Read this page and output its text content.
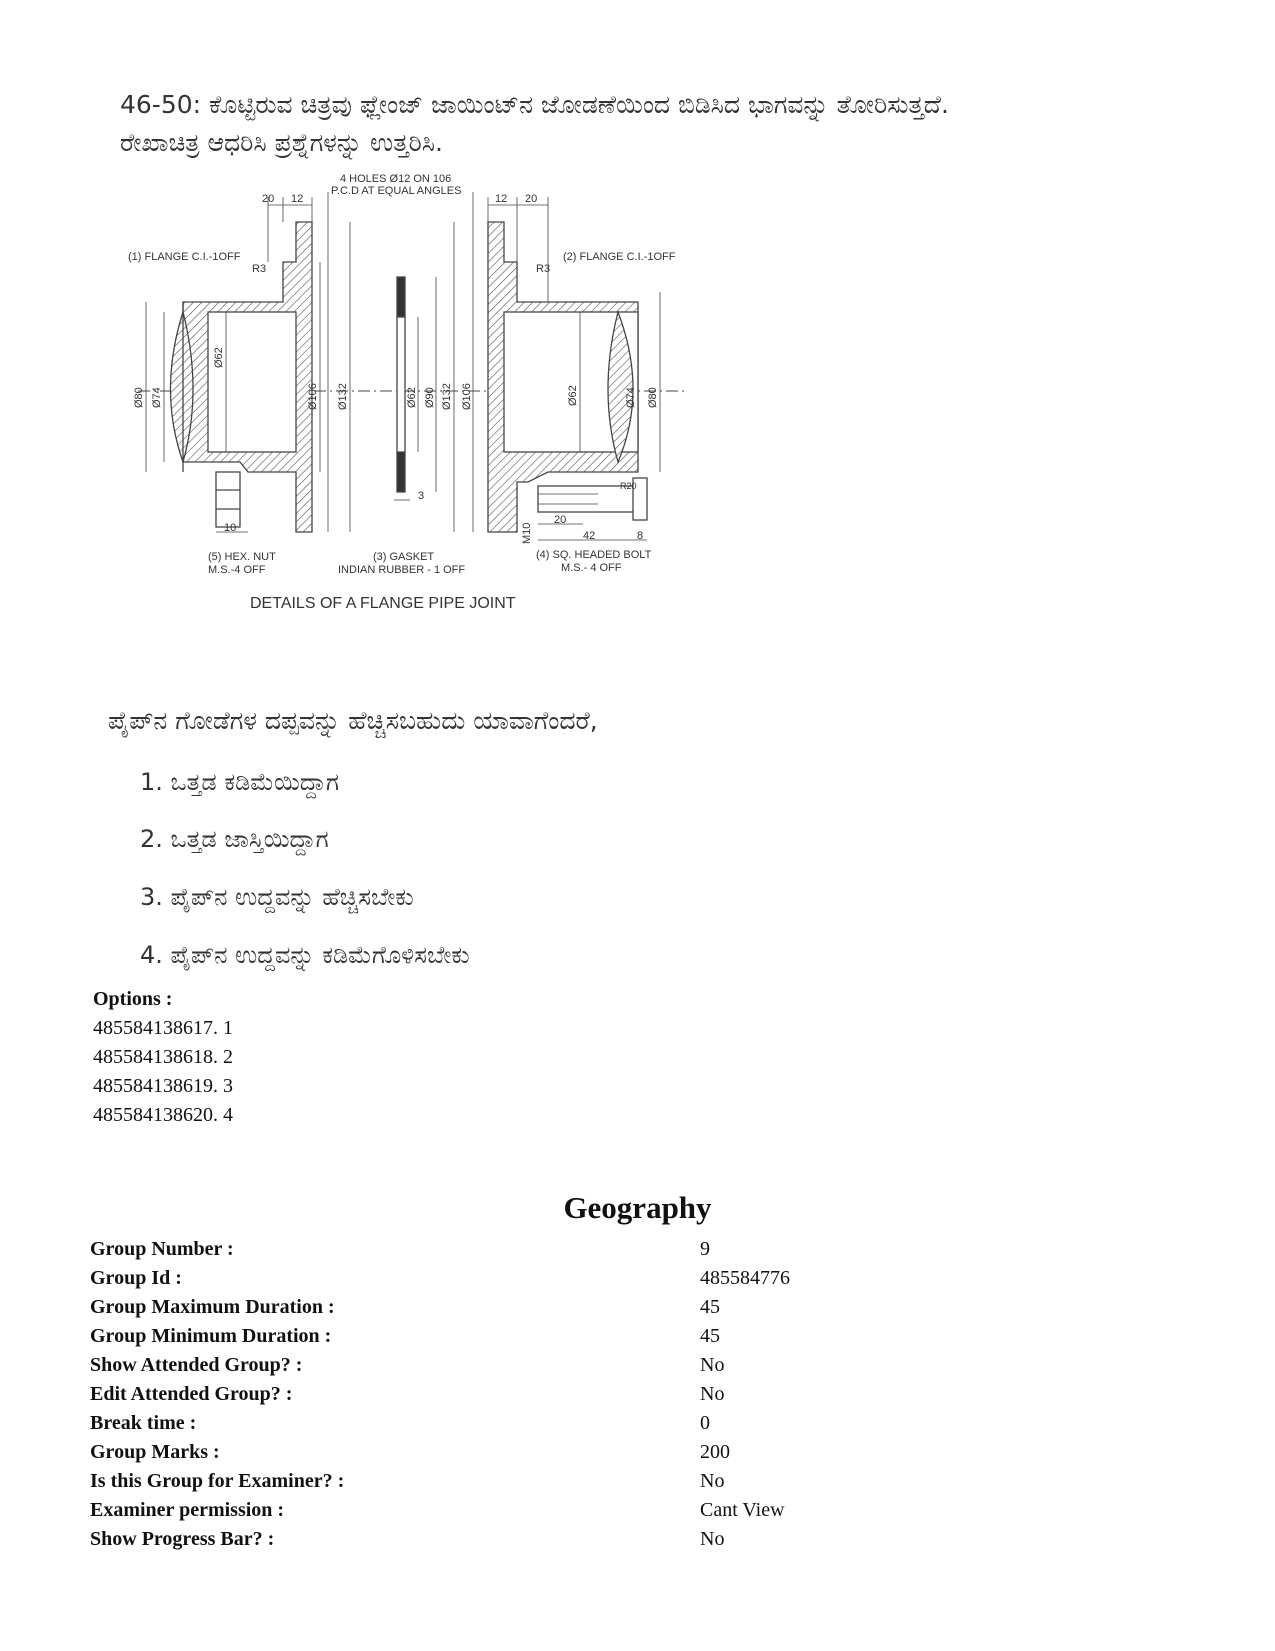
46-50: ಕೊಟ್ಟಿರುವ ಚಿತ್ರವು ಫ್ಲೇಂಜ್ ಜಾಯಿಂಟ್‌ನ ಜೋಡಣೆಯಿಂದ ಬಿಡಿಸಿದ ಭಾಗವನ್ನು ತೋರಿಸುತ್ತದೆ.
ರೇಖಾಚಿತ್ರ ಆಧರಿಸಿ ಪ್ರಶ್ನೆಗಳನ್ನು ಉತ್ತರಿಸಿ.
4 HOLES Ø12 ON 106
P.C.D AT EQUAL ANGLES
20 12	12 20
(1) FLANGE C.I.-1OFF	(2) FLANGE C.I.-1OFF
R3	R3
Ø80 Ø74
Ø62
Ø106 Ø132	Ø62 Ø90 Ø132 Ø106	Ø62	Ø74 Ø80
3
10	M10
20
42	8
R20
(5) HEX. NUT
M.S.-4 OFF
(3) GASKET
INDIAN RUBBER - 1 OFF
(4) SQ. HEADED BOLT
M.S.- 4 OFF
DETAILS OF A FLANGE PIPE JOINT
ಪೈಪ್‌ನ ಗೋಡೆಗಳ ದಪ್ಪವನ್ನು ಹೆಚ್ಚಿಸಬಹುದು ಯಾವಾಗೆಂದರೆ,
1. ಒತ್ತಡ ಕಡಿಮೆಯಿದ್ದಾಗ
2. ಒತ್ತಡ ಜಾಸ್ತಿಯಿದ್ದಾಗ
3. ಪೈಪ್‌ನ ಉದ್ದವನ್ನು ಹೆಚ್ಚಿಸಬೇಕು
4. ಪೈಪ್‌ನ ಉದ್ದವನ್ನು ಕಡಿಮೆಗೊಳಿಸಬೇಕು
Options :
485584138617. 1
485584138618. 2
485584138619. 3
485584138620. 4
Geography
Group Number :	9
Group Id :	485584776
Group Maximum Duration :	45
Group Minimum Duration :	45
Show Attended Group? :	No
Edit Attended Group? :	No
Break time :	0
Group Marks :	200
Is this Group for Examiner? :	No
Examiner permission :	Cant View
Show Progress Bar? :	No
